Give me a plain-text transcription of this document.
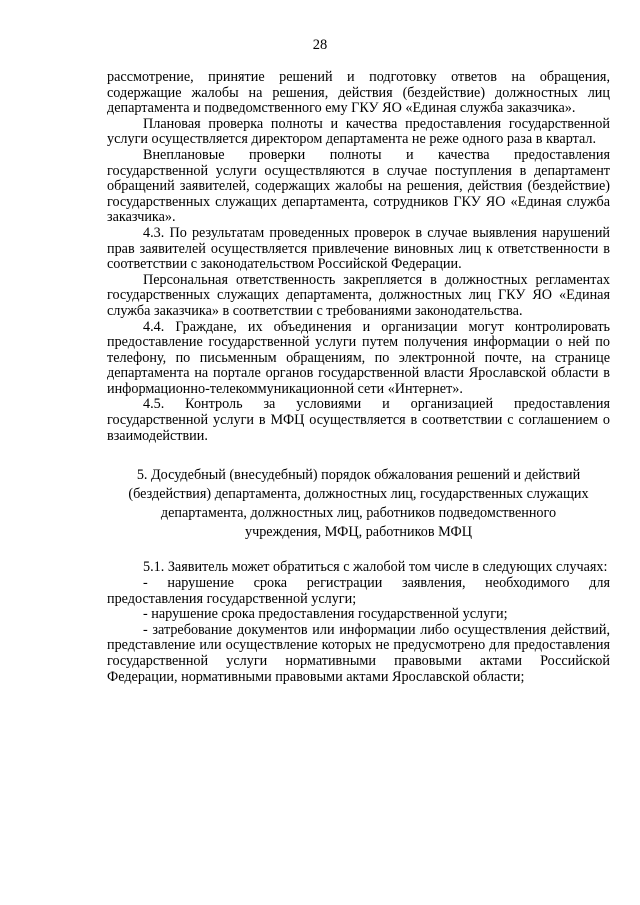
28

рассмотрение, принятие решений и подготовку ответов на обращения, содержащие жалобы на решения, действия (бездействие) должностных лиц департамента и подведомственного ему ГКУ ЯО «Единая служба заказчика».

Плановая проверка полноты и качества предоставления государственной услуги осуществляется директором департамента не реже одного раза в квартал.

Внеплановые проверки полноты и качества предоставления государственной услуги осуществляются в случае поступления в департамент обращений заявителей, содержащих жалобы на решения, действия (бездействие) государственных служащих департамента, сотрудников ГКУ ЯО «Единая служба заказчика».

4.3. По результатам проведенных проверок в случае выявления нарушений прав заявителей осуществляется привлечение виновных лиц к ответственности в соответствии с законодательством Российской Федерации.

Персональная ответственность закрепляется в должностных регламентах государственных служащих департамента, должностных лиц ГКУ ЯО «Единая служба заказчика» в соответствии с требованиями законодательства.

4.4. Граждане, их объединения и организации могут контролировать предоставление государственной услуги путем получения информации о ней по телефону, по письменным обращениям, по электронной почте, на странице департамента на портале органов государственной власти Ярославской области в информационно-телекоммуникационной сети «Интернет».

4.5. Контроль за условиями и организацией предоставления государственной услуги в МФЦ осуществляется в соответствии с соглашением о взаимодействии.

5. Досудебный (внесудебный) порядок обжалования решений и действий
(бездействия) департамента, должностных лиц, государственных служащих
департамента, должностных лиц, работников подведомственного
учреждения, МФЦ, работников МФЦ

5.1. Заявитель может обратиться с жалобой том числе в следующих случаях:

- нарушение срока регистрации заявления, необходимого для предоставления государственной услуги;

- нарушение срока предоставления государственной услуги;

- затребование документов или информации либо осуществления действий, представление или осуществление которых не предусмотрено для предоставления государственной услуги нормативными правовыми актами Российской Федерации, нормативными правовыми актами Ярославской области;
